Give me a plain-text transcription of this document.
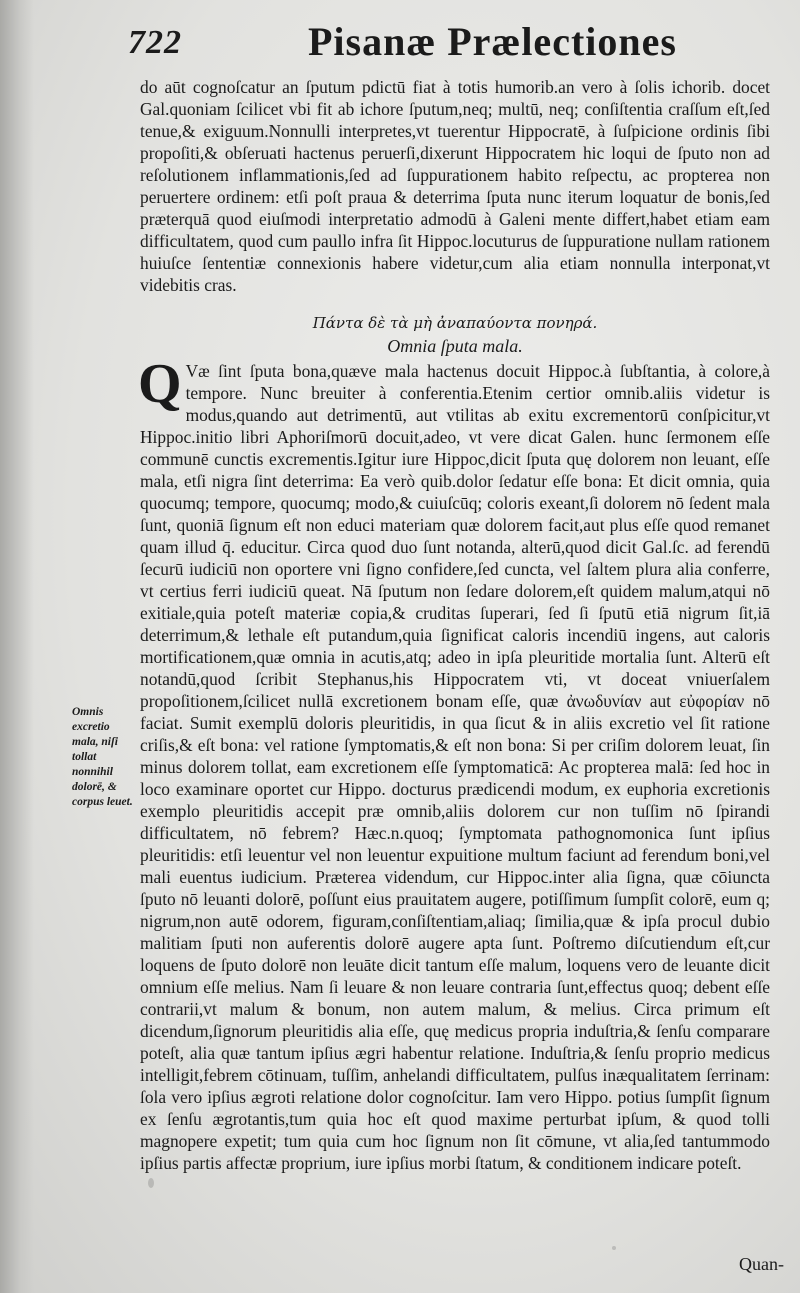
722	Pisanæ Prælectiones

do aūt cognoſcatur an ſputum pdictū fiat à totis humorib.an vero à ſolis ichorib. docet Gal.quoniam ſcilicet vbi fit ab ichore ſputum,neq; multū, neq; conſiſtentia craſſum eſt,ſed tenue,& exiguum.Nonnulli interpretes,vt tuerentur Hippocratē, à ſuſpicione ordinis ſibi propoſiti,& obſeruati hactenus peruerſi,dixerunt Hippocratem hic loqui de ſputo non ad reſolutionem inflammationis,ſed ad ſuppurationem habito reſpectu, ac propterea non peruertere ordinem: etſi poſt praua & deterrima ſputa nunc iterum loquatur de bonis,ſed præterquā quod eiuſmodi interpretatio admodū à Galeni mente differt,habet etiam eam difficultatem, quod cum paullo infra ſit Hippoc.locuturus de ſuppuratione nullam rationem huiuſce ſententiæ connexionis habere videtur,cum alia etiam nonnulla interponat,vt videbitis cras.

Πάντα δὲ τὰ μὴ ἀναπαύοντα πονηρά.
Omnia ſputa mala.

Q Væ ſint ſputa bona,quæve mala hactenus docuit Hippoc.à ſubſtantia, à colore,à tempore. Nunc breuiter à conferentia.Etenim certior omnib.aliis videtur is modus,quando aut detrimentū, aut vtilitas ab exitu excrementorū conſpicitur,vt Hippoc.initio libri Aphoriſmorū docuit,adeo, vt vere dicat Galen. hunc ſermonem eſſe communē cunctis excrementis.Igitur iure Hippoc,dicit ſputa quę dolorem non leuant, eſſe mala, etſi nigra ſint deterrima: Ea verò quib.dolor ſedatur eſſe bona: Et dicit omnia, quia quocumq; tempore, quocumq; modo,& cuiuſcūq; coloris exeant,ſi dolorem nō ſedent mala ſunt, quoniā ſignum eſt non educi materiam quæ dolorem facit,aut plus eſſe quod remanet quam illud q̄. educitur. Circa quod duo ſunt notanda, alterū,quod dicit Gal.ſc. ad ferendū ſecurū iudiciū non oportere vni ſigno confidere,ſed cuncta, vel ſaltem plura alia conferre, vt certius ferri iudiciū queat. Nā ſputum non ſedare dolorem,eſt quidem malum,atqui nō exitiale,quia poteſt materiæ copia,& cruditas ſuperari, ſed ſi ſputū etiā nigrum ſit,iā deterrimum,& lethale eſt putandum,quia ſignificat caloris incendiū ingens, aut caloris mortificationem,quæ omnia in acutis,atq; adeo in ipſa pleuritide mortalia ſunt. Alterū eſt notandū,quod ſcribit Stephanus,his Hippocratem vti, vt doceat vniuerſalem propoſitionem,ſcilicet nullā excretionem bonam eſſe, quæ ἀνωδυνίαν aut εὐφορίαν nō faciat. Sumit exemplū doloris pleuritidis, in qua ſicut & in aliis excretio vel ſit ratione criſis,& eſt bona: vel ratione ſymptomatis,& eſt non bona: Si per criſim dolorem leuat, ſin minus dolorem tollat, eam excretionem eſſe ſymptomaticā: Ac propterea malā: ſed hoc in loco examinare oportet cur Hippo. docturus prædicendi modum, ex euphoria excretionis exemplo pleuritidis accepit præ omnib,aliis dolorem cur non tuſſim nō ſpirandi difficultatem, nō febrem? Hæc.n.quoq; ſymptomata pathognomonica ſunt ipſius pleuritidis: etſi leuentur vel non leuentur expuitione multum faciunt ad ferendum boni,vel mali euentus iudicium. Præterea videndum, cur Hippoc.inter alia ſigna, quæ cōiuncta ſputo nō leuanti dolorē, poſſunt eius prauitatem augere, potiſſimum ſumpſit colorē, eum q; nigrum,non autē odorem, figuram,conſiſtentiam,aliaq; ſimilia,quæ & ipſa procul dubio malitiam ſputi non auferentis dolorē augere apta ſunt. Poſtremo diſcutiendum eſt,cur loquens de ſputo dolorē non leuāte dicit tantum eſſe malum, loquens vero de leuante dicit omnium eſſe melius. Nam ſi leuare & non leuare contraria ſunt,effectus quoq; debent eſſe contrarii,vt malum & bonum, non autem malum, & melius. Circa primum eſt dicendum,ſignorum pleuritidis alia eſſe, quę medicus propria induſtria,& ſenſu comparare poteſt, alia quæ tantum ipſius ægri habentur relatione. Induſtria,& ſenſu proprio medicus intelligit,febrem cōtinuam, tuſſim, anhelandi difficultatem, pulſus inæqualitatem ſerrinam: ſola vero ipſius ægroti relatione dolor cognoſcitur. Iam vero Hippo. potius ſumpſit ſignum ex ſenſu ægrotantis,tum quia hoc eſt quod maxime perturbat ipſum, & quod tolli magnopere expetit; tum quia cum hoc ſignum non ſit cōmune, vt alia,ſed tantummodo ipſius partis affectæ proprium, iure ipſius morbi ſtatum, & conditionem indicare poteſt.

Omnis excretio mala, niſi tollat nonnihil dolorē, & corpus leuet.
Quan-
